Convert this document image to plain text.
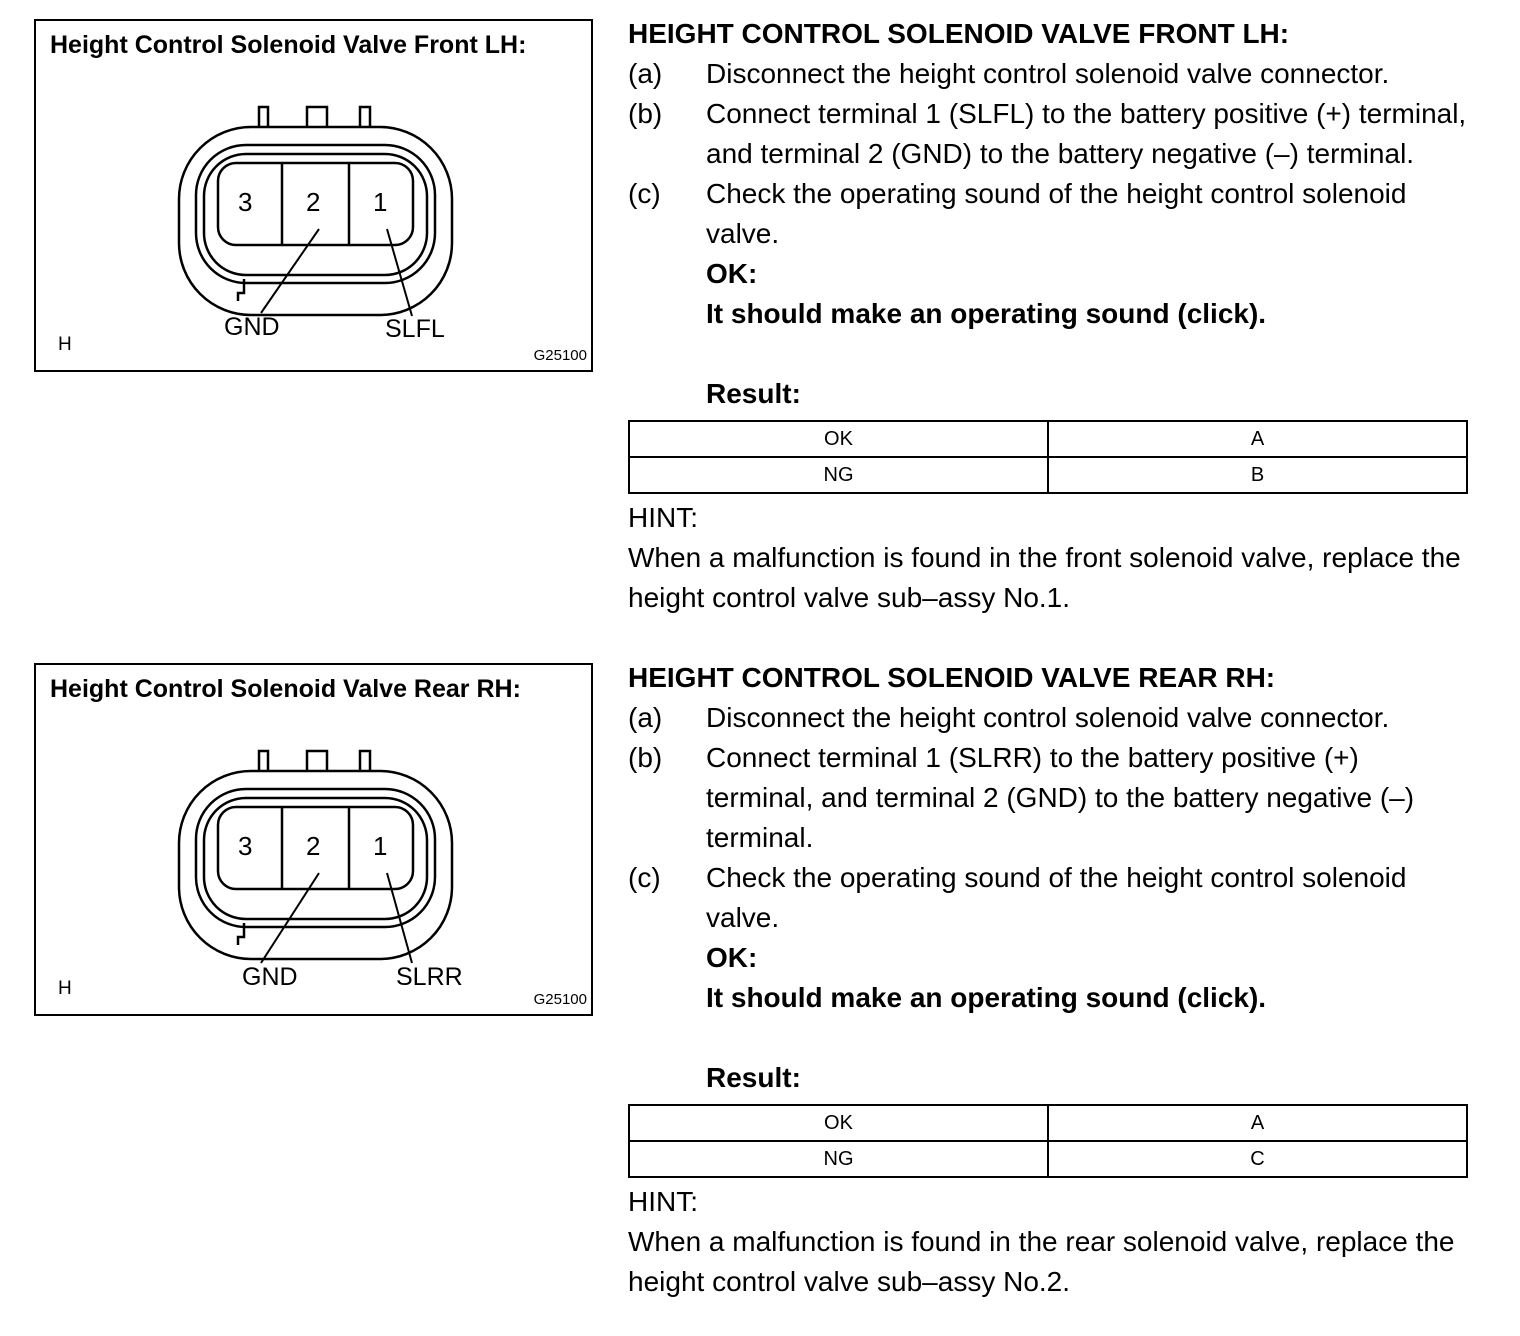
Height Control Solenoid Valve Front LH:
3 2 1
GND	SLFL
H
G25100
HEIGHT CONTROL SOLENOID VALVE FRONT LH:
(a)	Disconnect the height control solenoid valve connector.
(b)	Connect terminal 1 (SLFL) to the battery positive (+) terminal, and terminal 2 (GND) to the battery negative (–) terminal.
(c)	Check the operating sound of the height control solenoid valve.
OK:
It should make an operating sound (click).
Result:
OK	A
NG	B
HINT:
When a malfunction is found in the front solenoid valve, replace the height control valve sub–assy No.1.
Height Control Solenoid Valve Rear RH:
3 2 1
GND	SLRR
H
G25100
HEIGHT CONTROL SOLENOID VALVE REAR RH:
(a)	Disconnect the height control solenoid valve connector.
(b)	Connect terminal 1 (SLRR) to the battery positive (+) terminal, and terminal 2 (GND) to the battery negative (–) terminal.
(c)	Check the operating sound of the height control solenoid valve.
OK:
It should make an operating sound (click).
Result:
OK	A
NG	C
HINT:
When a malfunction is found in the rear solenoid valve, replace the height control valve sub–assy No.2.
